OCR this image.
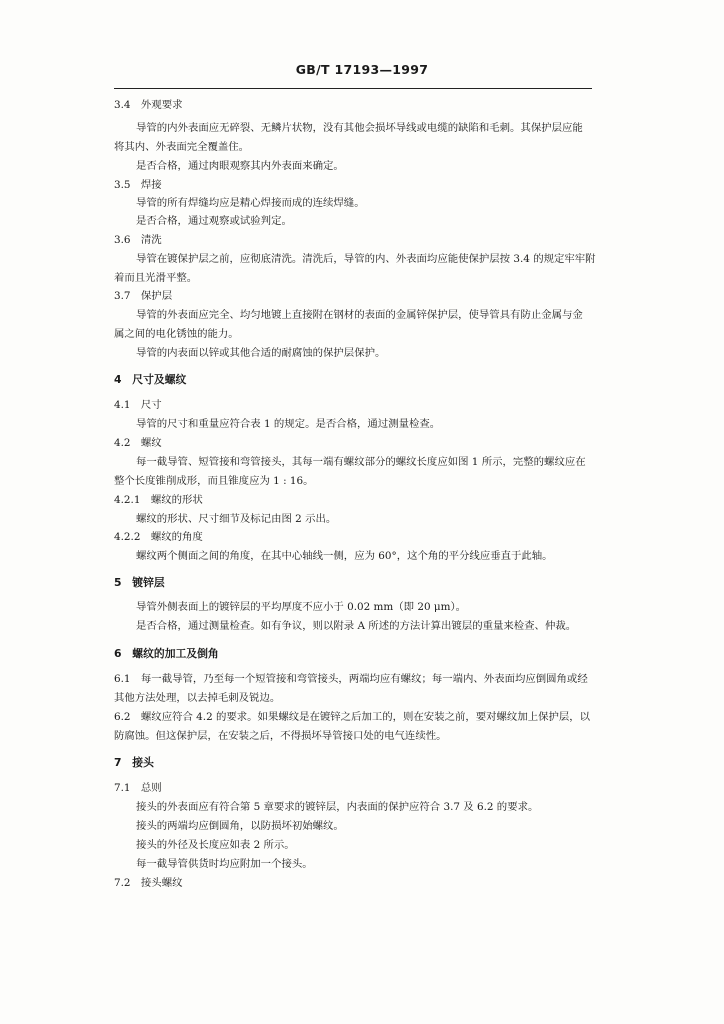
GB/T 17193—1997
3.4　外观要求
导管的内外表面应无碎裂、无鳞片状物，没有其他会损坏导线或电缆的缺陷和毛刺。其保护层应能
将其内、外表面完全覆盖住。
是否合格，通过肉眼观察其内外表面来确定。
3.5　焊接
导管的所有焊缝均应是精心焊接而成的连续焊缝。
是否合格，通过观察或试验判定。
3.6　清洗
导管在镀保护层之前，应彻底清洗。清洗后，导管的内、外表面均应能使保护层按 3.4 的规定牢牢附
着而且光滑平整。
3.7　保护层
导管的外表面应完全、均匀地镀上直接附在钢材的表面的金属锌保护层，使导管具有防止金属与金
属之间的电化锈蚀的能力。
导管的内表面以锌或其他合适的耐腐蚀的保护层保护。
4　尺寸及螺纹
4.1　尺寸
导管的尺寸和重量应符合表 1 的规定。是否合格，通过测量检查。
4.2　螺纹
每一截导管、短管接和弯管接头，其每一端有螺纹部分的螺纹长度应如图 1 所示，完整的螺纹应在
整个长度锥削成形，而且锥度应为 1 : 16。
4.2.1　螺纹的形状
螺纹的形状、尺寸细节及标记由图 2 示出。
4.2.2　螺纹的角度
螺纹两个侧面之间的角度，在其中心轴线一侧，应为 60°，这个角的平分线应垂直于此轴。
5　镀锌层
导管外侧表面上的镀锌层的平均厚度不应小于 0.02 mm（即 20 μm）。
是否合格，通过测量检查。如有争议，则以附录 A 所述的方法计算出镀层的重量来检查、仲裁。
6　螺纹的加工及倒角
6.1　每一截导管，乃至每一个短管接和弯管接头，两端均应有螺纹；每一端内、外表面均应倒圆角或经
其他方法处理，以去掉毛刺及锐边。
6.2　螺纹应符合 4.2 的要求。如果螺纹是在镀锌之后加工的，则在安装之前，要对螺纹加上保护层，以
防腐蚀。但这保护层，在安装之后，不得损坏导管接口处的电气连续性。
7　接头
7.1　总则
接头的外表面应有符合第 5 章要求的镀锌层，内表面的保护应符合 3.7 及 6.2 的要求。
接头的两端均应倒圆角，以防损坏初始螺纹。
接头的外径及长度应如表 2 所示。
每一截导管供货时均应附加一个接头。
7.2　接头螺纹
